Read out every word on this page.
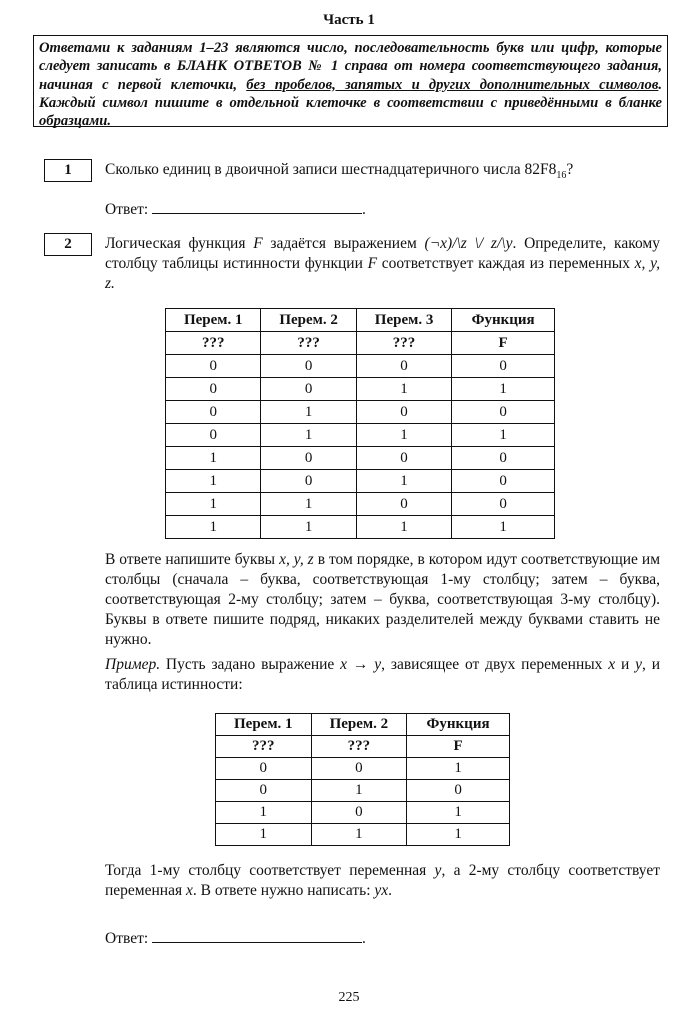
Часть 1
Ответами к заданиям 1–23 являются число, последовательность букв или цифр, которые следует записать в БЛАНК ОТВЕТОВ № 1 справа от номера соответствующего задания, начиная с первой клеточки, без пробелов, запятых и других дополнительных символов. Каждый символ пишите в отдельной клеточке в соответствии с приведёнными в бланке образцами.
1	Сколько единиц в двоичной записи шестнадцатеричного числа $82F8_{16}$?
Ответ:	.
2	Логическая функция F задаётся выражением (¬x)/\z \/ z/\y. Определите, какому столбцу таблицы истинности функции F соответствует каждая из переменных x, y, z.
Перем. 1	Перем. 2	Перем. 3	Функция
???	???	???	F
0	0	0	0
0	0	1	1
0	1	0	0
0	1	1	1
1	0	0	0
1	0	1	0
1	1	0	0
1	1	1	1
В ответе напишите буквы x, y, z в том порядке, в котором идут соответствующие им столбцы (сначала – буква, соответствующая 1-му столбцу; затем – буква, соответствующая 2-му столбцу; затем – буква, соответствующая 3-му столбцу). Буквы в ответе пишите подряд, никаких разделителей между буквами ставить не нужно.
Пример. Пусть задано выражение x → y, зависящее от двух переменных x и y, и таблица истинности:
Перем. 1	Перем. 2	Функция
???	???	F
0	0	1
0	1	0
1	0	1
1	1	1
Тогда 1-му столбцу соответствует переменная y, а 2-му столбцу соответствует переменная x. В ответе нужно написать: yx.
Ответ:	.
225
